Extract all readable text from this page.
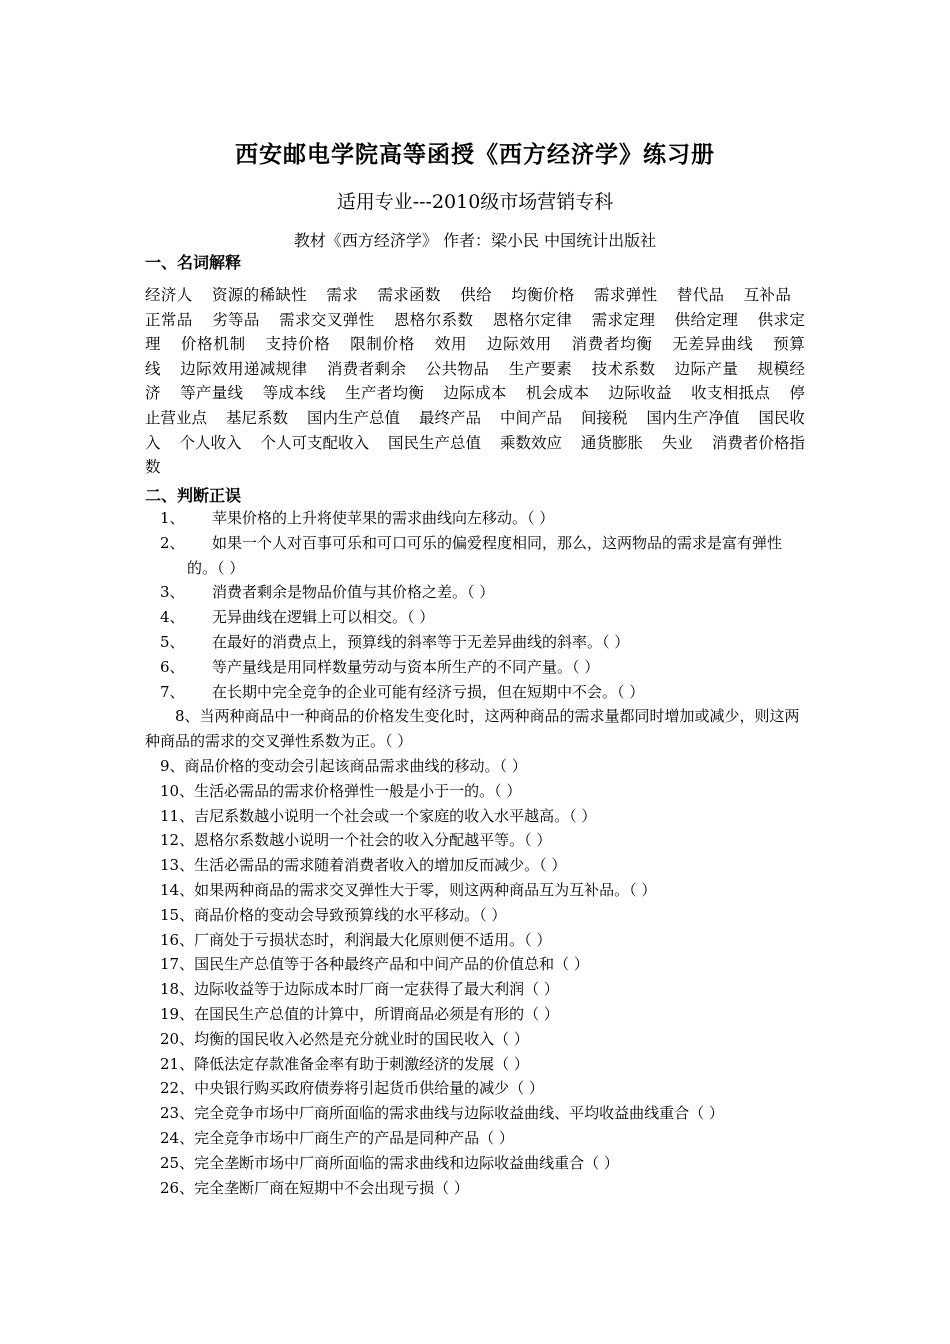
西安邮电学院高等函授《西方经济学》练习册
适用专业---2010级市场营销专科
教材《西方经济学》 作者：梁小民 中国统计出版社
一、名词解释
经济人 资源的稀缺性 需求 需求函数 供给 均衡价格 需求弹性 替代品 互补品 正常品 劣等品 需求交叉弹性 恩格尔系数 恩格尔定律 需求定理 供给定理 供求定理 价格机制 支持价格 限制价格 效用 边际效用 消费者均衡 无差异曲线 预算线 边际效用递减规律 消费者剩余 公共物品 生产要素 技术系数 边际产量 规模经济 等产量线 等成本线 生产者均衡 边际成本 机会成本 边际收益 收支相抵点 停止营业点 基尼系数 国内生产总值 最终产品 中间产品 间接税 国内生产净值 国民收入 个人收入 个人可支配收入 国民生产总值 乘数效应 通货膨胀 失业 消费者价格指数
二、判断正误
1、 苹果价格的上升将使苹果的需求曲线向左移动。（ ）
2、 如果一个人对百事可乐和可口可乐的偏爱程度相同，那么，这两物品的需求是富有弹性的。（ ）
3、 消费者剩余是物品价值与其价格之差。（ ）
4、 无异曲线在逻辑上可以相交。（ ）
5、 在最好的消费点上，预算线的斜率等于无差异曲线的斜率。（ ）
6、 等产量线是用同样数量劳动与资本所生产的不同产量。（ ）
7、 在长期中完全竞争的企业可能有经济亏损，但在短期中不会。（ ）
8、当两种商品中一种商品的价格发生变化时，这两种商品的需求量都同时增加或减少，则这两种商品的需求的交叉弹性系数为正。（ ）
9、商品价格的变动会引起该商品需求曲线的移动。（ ）
10、生活必需品的需求价格弹性一般是小于一的。（ ）
11、吉尼系数越小说明一个社会或一个家庭的收入水平越高。（ ）
12、恩格尔系数越小说明一个社会的收入分配越平等。（ ）
13、生活必需品的需求随着消费者收入的增加反而减少。（ ）
14、如果两种商品的需求交叉弹性大于零，则这两种商品互为互补品。（ ）
15、商品价格的变动会导致预算线的水平移动。（ ）
16、厂商处于亏损状态时，利润最大化原则便不适用。（ ）
17、国民生产总值等于各种最终产品和中间产品的价值总和（ ）
18、边际收益等于边际成本时厂商一定获得了最大利润（ ）
19、在国民生产总值的计算中，所谓商品必须是有形的（ ）
20、均衡的国民收入必然是充分就业时的国民收入（ ）
21、降低法定存款准备金率有助于刺激经济的发展（ ）
22、中央银行购买政府债券将引起货币供给量的减少（ ）
23、完全竞争市场中厂商所面临的需求曲线与边际收益曲线、平均收益曲线重合（ ）
24、完全竞争市场中厂商生产的产品是同种产品（ ）
25、完全垄断市场中厂商所面临的需求曲线和边际收益曲线重合（ ）
26、完全垄断厂商在短期中不会出现亏损（ ）
